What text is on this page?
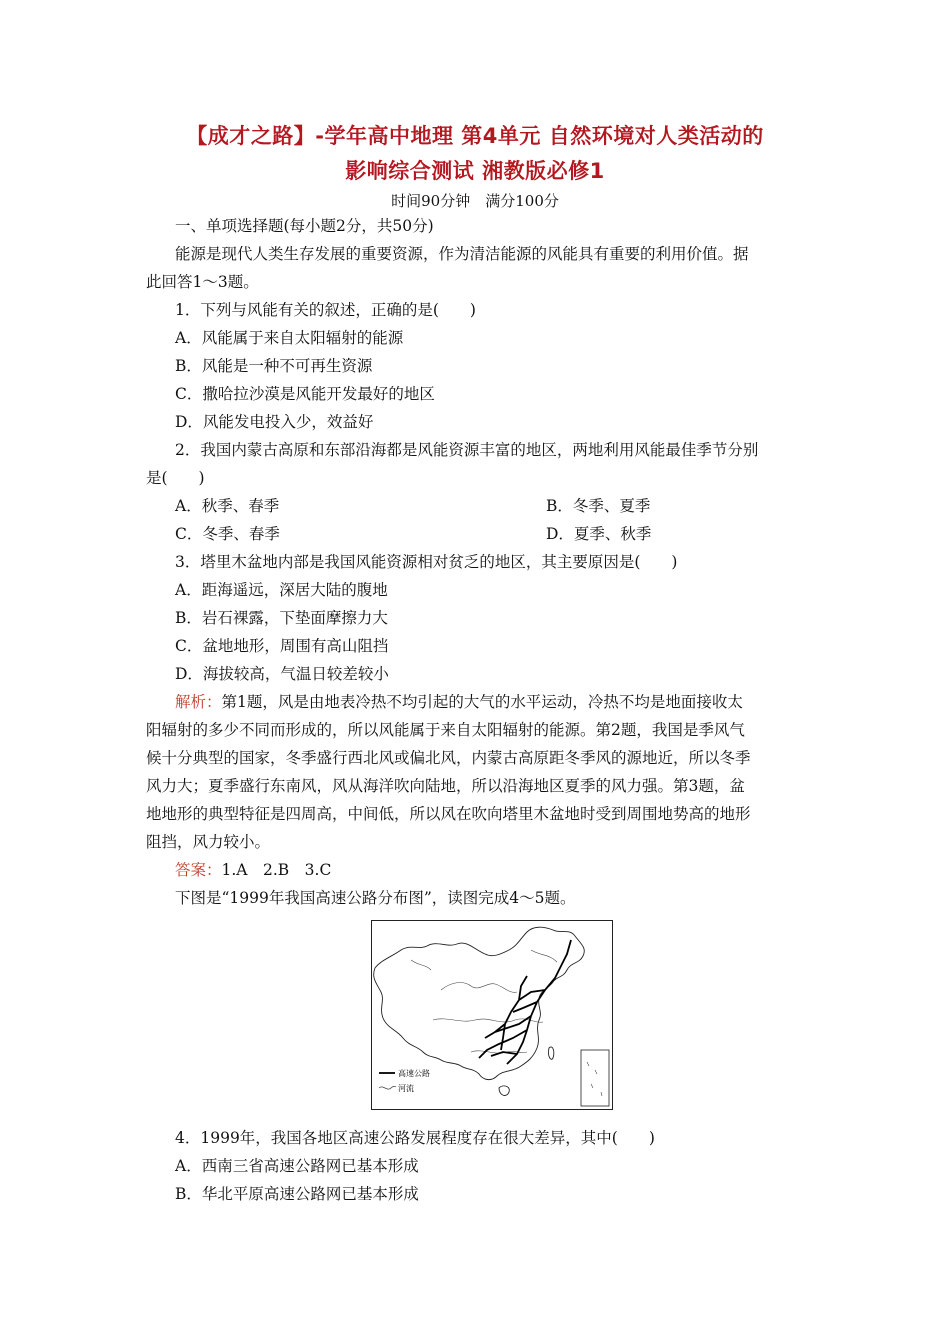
【成才之路】-学年高中地理 第4单元 自然环境对人类活动的
影响综合测试 湘教版必修1
时间90分钟　满分100分
一、单项选择题(每小题2分，共50分)
能源是现代人类生存发展的重要资源，作为清洁能源的风能具有重要的利用价值。据
此回答1～3题。
1．下列与风能有关的叙述，正确的是(　　)
A．风能属于来自太阳辐射的能源
B．风能是一种不可再生资源
C．撒哈拉沙漠是风能开发最好的地区
D．风能发电投入少，效益好
2．我国内蒙古高原和东部沿海都是风能资源丰富的地区，两地利用风能最佳季节分别
是(　　)
A．秋季、春季	B．冬季、夏季
C．冬季、春季	D．夏季、秋季
3．塔里木盆地内部是我国风能资源相对贫乏的地区，其主要原因是(　　)
A．距海遥远，深居大陆的腹地
B．岩石裸露，下垫面摩擦力大
C．盆地地形，周围有高山阻挡
D．海拔较高，气温日较差较小
解析：第1题，风是由地表冷热不均引起的大气的水平运动，冷热不均是地面接收太
阳辐射的多少不同而形成的，所以风能属于来自太阳辐射的能源。第2题，我国是季风气
候十分典型的国家，冬季盛行西北风或偏北风，内蒙古高原距冬季风的源地近，所以冬季
风力大；夏季盛行东南风，风从海洋吹向陆地，所以沿海地区夏季的风力强。第3题，盆
地地形的典型特征是四周高，中间低，所以风在吹向塔里木盆地时受到周围地势高的地形
阻挡，风力较小。
答案：1.A　2.B　3.C
下图是“1999年我国高速公路分布图”，读图完成4～5题。
高速公路
河流
4．1999年，我国各地区高速公路发展程度存在很大差异，其中(　　)
A．西南三省高速公路网已基本形成
B．华北平原高速公路网已基本形成
